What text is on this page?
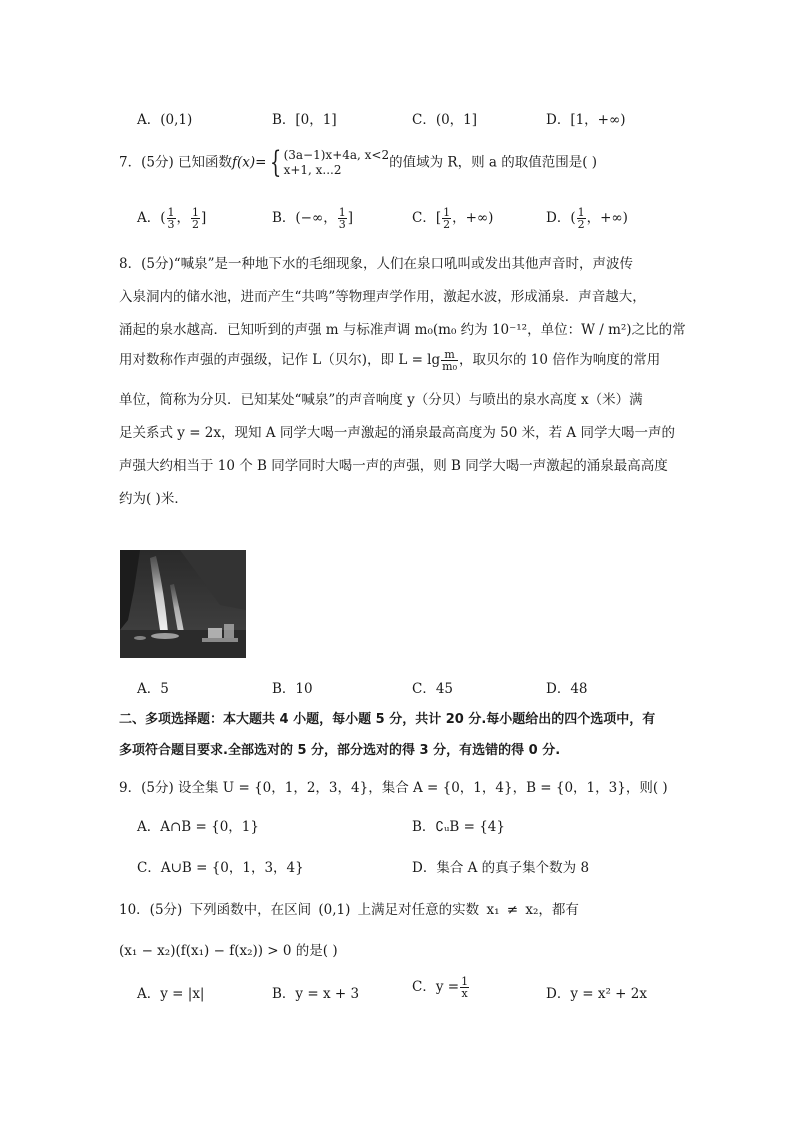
A．(0,1)	B．[0，1]	C．(0，1]	D．[1，+∞)
7．(5分) 已知函数f(x)= { (3a−1)x+4a, x<2
x+1, x...2	的值域为 R，则 a 的取值范围是( )
A．( $\frac{1}{3}$ ， $\frac{1}{2}$ ]	B．(−∞， $\frac{1}{3}$ ]	C．[ $\frac{1}{2}$ ，+∞)	D．( $\frac{1}{2}$ ，+∞)
8．(5分)“喊泉”是一种地下水的毛细现象，人们在泉口吼叫或发出其他声音时，声波传
入泉洞内的储水池，进而产生“共鸣”等物理声学作用，激起水波，形成涌泉．声音越大，
涌起的泉水越高．已知听到的声强 m 与标准声调 m₀(m₀ 约为 10⁻¹²，单位：W / m²)之比的常
用对数称作声强的声强级，记作 L（贝尔)，即 $L = \lg \frac{m}{\text{m₀}}$ ，取贝尔的 10 倍作为响度的常用
单位，简称为分贝．已知某处“喊泉”的声音响度 y（分贝）与喷出的泉水高度 x（米）满
足关系式 y = 2x，现知 A 同学大喝一声激起的涌泉最高高度为 50 米，若 A 同学大喝一声的
声强大约相当于 10 个 B 同学同时大喝一声的声强，则 B 同学大喝一声激起的涌泉最高高度
约为( )米．
A．5	B．10	C．45	D．48
二、多项选择题：本大题共 4 小题，每小题 5 分，共计 20 分.每小题给出的四个选项中，有
多项符合题目要求.全部选对的 5 分，部分选对的得 3 分，有选错的得 0 分.
9．(5分) 设全集 U = {0，1，2，3，4}，集合 A = {0，1，4}，B = {0，1，3}，则( )
A．A∩B = {0，1}	B．∁ᵤB = {4}
C．A∪B = {0，1，3，4}	D．集合 A 的真子集个数为 8
10．(5分) 下列函数中，在区间 (0,1) 上满足对任意的实数 x₁ ≠ x₂，都有
(x₁ − x₂)(f(x₁) − f(x₂)) > 0 的是( )
A．y = |x|	B．y = x + 3	C．$y = \frac{1}{x}$	D．y = x² + 2x
